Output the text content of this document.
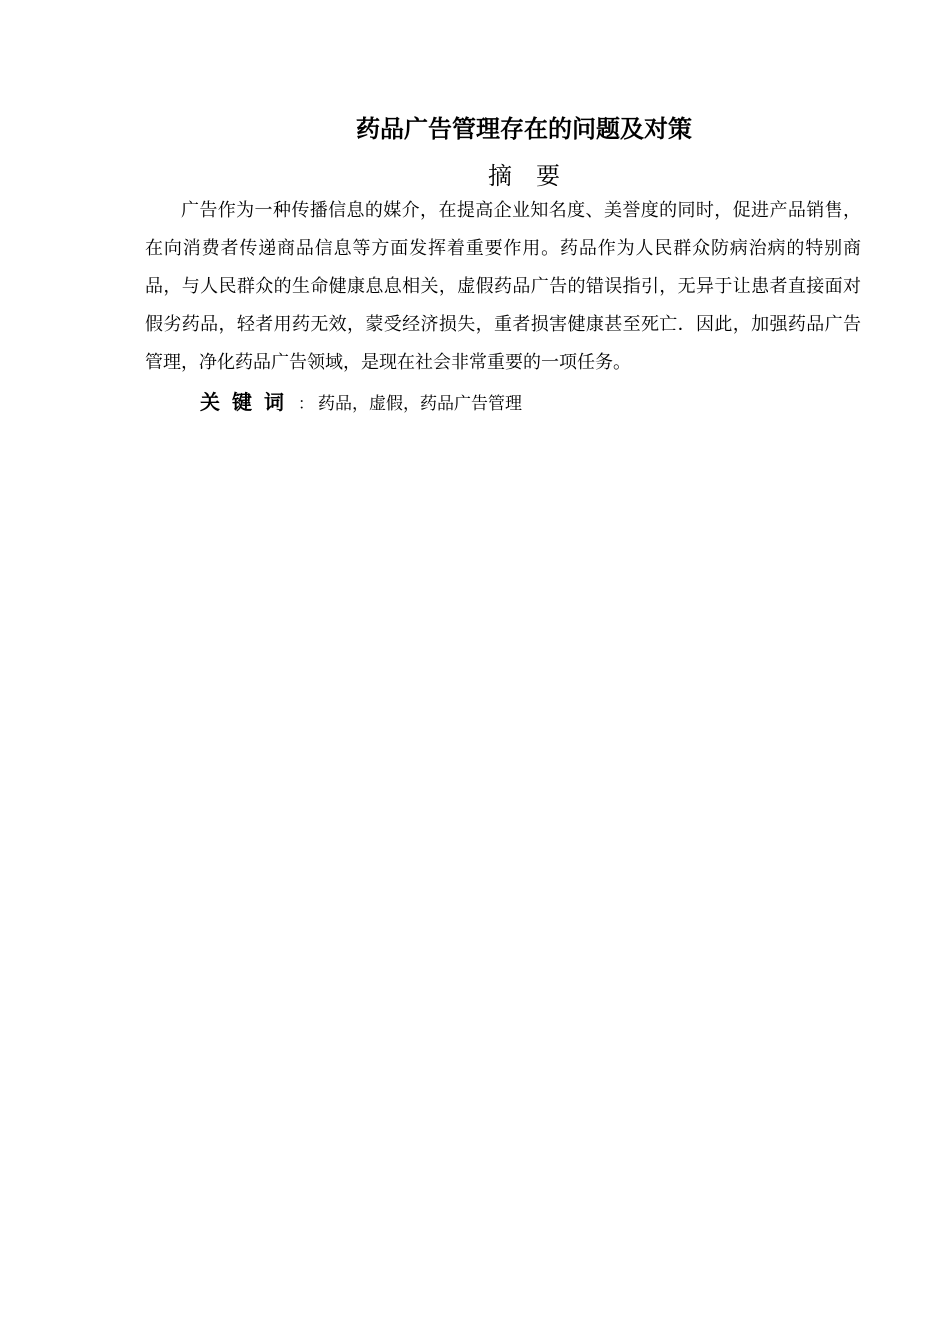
药品广告管理存在的问题及对策
摘 要
广告作为一种传播信息的媒介，在提高企业知名度、美誉度的同时，促进产品销售，在向消费者传递商品信息等方面发挥着重要作用。药品作为人民群众防病治病的特别商品，与人民群众的生命健康息息相关，虚假药品广告的错误指引，无异于让患者直接面对假劣药品，轻者用药无效，蒙受经济损失，重者损害健康甚至死亡．因此，加强药品广告管理，净化药品广告领域，是现在社会非常重要的一项任务。
关键词 ： 药品，虚假，药品广告管理
